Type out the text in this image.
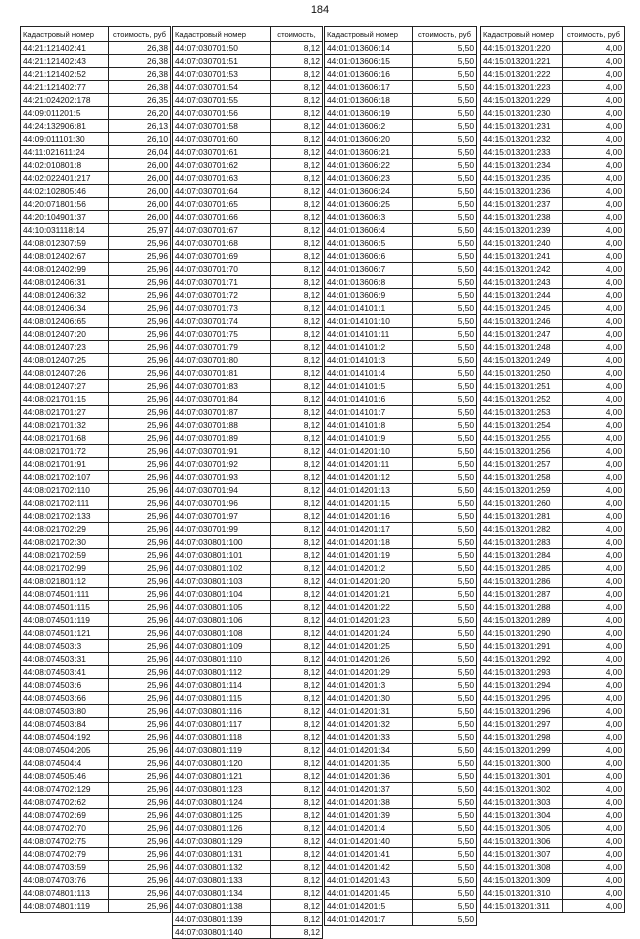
184
Кадастровый номер	стоимость, руб
44:21:121402:41	26,38
44:21:121402:43	26,38
44:21:121402:52	26,38
44:21:121402:77	26,38
44:21:024202:178	26,35
44:09:011201:5	26,20
44:24:132906:81	26,13
44:09:011101:30	26,10
44:11:021611:24	26,04
44:02:010801:8	26,00
44:02:022401:217	26,00
44:02:102805:46	26,00
44:20:071801:56	26,00
44:20:104901:37	26,00
44:10:031118:14	25,97
44:08:012307:59	25,96
44:08:012402:67	25,96
44:08:012402:99	25,96
44:08:012406:31	25,96
44:08:012406:32	25,96
44:08:012406:34	25,96
44:08:012406:65	25,96
44:08:012407:20	25,96
44:08:012407:23	25,96
44:08:012407:25	25,96
44:08:012407:26	25,96
44:08:012407:27	25,96
44:08:021701:15	25,96
44:08:021701:27	25,96
44:08:021701:32	25,96
44:08:021701:68	25,96
44:08:021701:72	25,96
44:08:021701:91	25,96
44:08:021702:107	25,96
44:08:021702:110	25,96
44:08:021702:111	25,96
44:08:021702:133	25,96
44:08:021702:29	25,96
44:08:021702:30	25,96
44:08:021702:59	25,96
44:08:021702:99	25,96
44:08:021801:12	25,96
44:08:074501:111	25,96
44:08:074501:115	25,96
44:08:074501:119	25,96
44:08:074501:121	25,96
44:08:074503:3	25,96
44:08:074503:31	25,96
44:08:074503:41	25,96
44:08:074503:6	25,96
44:08:074503:66	25,96
44:08:074503:80	25,96
44:08:074503:84	25,96
44:08:074504:192	25,96
44:08:074504:205	25,96
44:08:074504:4	25,96
44:08:074505:46	25,96
44:08:074702:129	25,96
44:08:074702:62	25,96
44:08:074702:69	25,96
44:08:074702:70	25,96
44:08:074702:75	25,96
44:08:074702:79	25,96
44:08:074703:59	25,96
44:08:074703:76	25,96
44:08:074801:113	25,96
44:08:074801:119	25,96
Кадастровый номер	стоимость,
44:07:030701:50	8,12
44:07:030701:51	8,12
44:07:030701:53	8,12
44:07:030701:54	8,12
44:07:030701:55	8,12
44:07:030701:56	8,12
44:07:030701:58	8,12
44:07:030701:60	8,12
44:07:030701:61	8,12
44:07:030701:62	8,12
44:07:030701:63	8,12
44:07:030701:64	8,12
44:07:030701:65	8,12
44:07:030701:66	8,12
44:07:030701:67	8,12
44:07:030701:68	8,12
44:07:030701:69	8,12
44:07:030701:70	8,12
44:07:030701:71	8,12
44:07:030701:72	8,12
44:07:030701:73	8,12
44:07:030701:74	8,12
44:07:030701:75	8,12
44:07:030701:79	8,12
44:07:030701:80	8,12
44:07:030701:81	8,12
44:07:030701:83	8,12
44:07:030701:84	8,12
44:07:030701:87	8,12
44:07:030701:88	8,12
44:07:030701:89	8,12
44:07:030701:91	8,12
44:07:030701:92	8,12
44:07:030701:93	8,12
44:07:030701:94	8,12
44:07:030701:96	8,12
44:07:030701:97	8,12
44:07:030701:99	8,12
44:07:030801:100	8,12
44:07:030801:101	8,12
44:07:030801:102	8,12
44:07:030801:103	8,12
44:07:030801:104	8,12
44:07:030801:105	8,12
44:07:030801:106	8,12
44:07:030801:108	8,12
44:07:030801:109	8,12
44:07:030801:110	8,12
44:07:030801:112	8,12
44:07:030801:114	8,12
44:07:030801:115	8,12
44:07:030801:116	8,12
44:07:030801:117	8,12
44:07:030801:118	8,12
44:07:030801:119	8,12
44:07:030801:120	8,12
44:07:030801:121	8,12
44:07:030801:123	8,12
44:07:030801:124	8,12
44:07:030801:125	8,12
44:07:030801:126	8,12
44:07:030801:129	8,12
44:07:030801:131	8,12
44:07:030801:132	8,12
44:07:030801:133	8,12
44:07:030801:134	8,12
44:07:030801:138	8,12
44:07:030801:139	8,12
44:07:030801:140	8,12
Кадастровый номер	стоимость, руб
44:01:013606:14	5,50
44:01:013606:15	5,50
44:01:013606:16	5,50
44:01:013606:17	5,50
44:01:013606:18	5,50
44:01:013606:19	5,50
44:01:013606:2	5,50
44:01:013606:20	5,50
44:01:013606:21	5,50
44:01:013606:22	5,50
44:01:013606:23	5,50
44:01:013606:24	5,50
44:01:013606:25	5,50
44:01:013606:3	5,50
44:01:013606:4	5,50
44:01:013606:5	5,50
44:01:013606:6	5,50
44:01:013606:7	5,50
44:01:013606:8	5,50
44:01:013606:9	5,50
44:01:014101:1	5,50
44:01:014101:10	5,50
44:01:014101:11	5,50
44:01:014101:2	5,50
44:01:014101:3	5,50
44:01:014101:4	5,50
44:01:014101:5	5,50
44:01:014101:6	5,50
44:01:014101:7	5,50
44:01:014101:8	5,50
44:01:014101:9	5,50
44:01:014201:10	5,50
44:01:014201:11	5,50
44:01:014201:12	5,50
44:01:014201:13	5,50
44:01:014201:15	5,50
44:01:014201:16	5,50
44:01:014201:17	5,50
44:01:014201:18	5,50
44:01:014201:19	5,50
44:01:014201:2	5,50
44:01:014201:20	5,50
44:01:014201:21	5,50
44:01:014201:22	5,50
44:01:014201:23	5,50
44:01:014201:24	5,50
44:01:014201:25	5,50
44:01:014201:26	5,50
44:01:014201:29	5,50
44:01:014201:3	5,50
44:01:014201:30	5,50
44:01:014201:31	5,50
44:01:014201:32	5,50
44:01:014201:33	5,50
44:01:014201:34	5,50
44:01:014201:35	5,50
44:01:014201:36	5,50
44:01:014201:37	5,50
44:01:014201:38	5,50
44:01:014201:39	5,50
44:01:014201:4	5,50
44:01:014201:40	5,50
44:01:014201:41	5,50
44:01:014201:42	5,50
44:01:014201:43	5,50
44:01:014201:45	5,50
44:01:014201:5	5,50
44:01:014201:7	5,50
Кадастровый номер	стоимость, руб
44:15:013201:220	4,00
44:15:013201:221	4,00
44:15:013201:222	4,00
44:15:013201:223	4,00
44:15:013201:229	4,00
44:15:013201:230	4,00
44:15:013201:231	4,00
44:15:013201:232	4,00
44:15:013201:233	4,00
44:15:013201:234	4,00
44:15:013201:235	4,00
44:15:013201:236	4,00
44:15:013201:237	4,00
44:15:013201:238	4,00
44:15:013201:239	4,00
44:15:013201:240	4,00
44:15:013201:241	4,00
44:15:013201:242	4,00
44:15:013201:243	4,00
44:15:013201:244	4,00
44:15:013201:245	4,00
44:15:013201:246	4,00
44:15:013201:247	4,00
44:15:013201:248	4,00
44:15:013201:249	4,00
44:15:013201:250	4,00
44:15:013201:251	4,00
44:15:013201:252	4,00
44:15:013201:253	4,00
44:15:013201:254	4,00
44:15:013201:255	4,00
44:15:013201:256	4,00
44:15:013201:257	4,00
44:15:013201:258	4,00
44:15:013201:259	4,00
44:15:013201:260	4,00
44:15:013201:281	4,00
44:15:013201:282	4,00
44:15:013201:283	4,00
44:15:013201:284	4,00
44:15:013201:285	4,00
44:15:013201:286	4,00
44:15:013201:287	4,00
44:15:013201:288	4,00
44:15:013201:289	4,00
44:15:013201:290	4,00
44:15:013201:291	4,00
44:15:013201:292	4,00
44:15:013201:293	4,00
44:15:013201:294	4,00
44:15:013201:295	4,00
44:15:013201:296	4,00
44:15:013201:297	4,00
44:15:013201:298	4,00
44:15:013201:299	4,00
44:15:013201:300	4,00
44:15:013201:301	4,00
44:15:013201:302	4,00
44:15:013201:303	4,00
44:15:013201:304	4,00
44:15:013201:305	4,00
44:15:013201:306	4,00
44:15:013201:307	4,00
44:15:013201:308	4,00
44:15:013201:309	4,00
44:15:013201:310	4,00
44:15:013201:311	4,00
